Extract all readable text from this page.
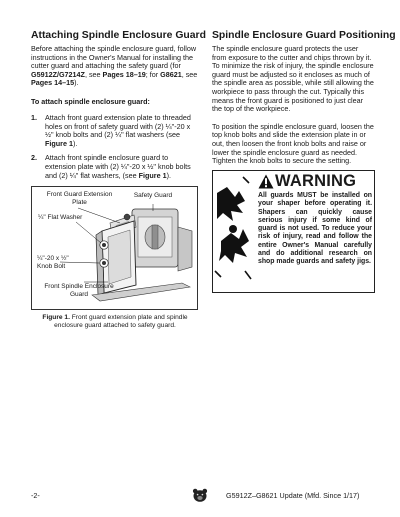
Attaching Spindle Enclosure Guard

Before attaching the spindle enclosure guard, follow instructions in the Owner's Manual for installing the cutter guard and attaching the safety guard (for G5912Z/G7214Z, see Pages 18–19; for G8621, see Pages 14–15).

To attach spindle enclosure guard:
1. Attach front guard extension plate to threaded holes on front of safety guard with (2) ¼"-20 x ½" knob bolts and (2) ¼" flat washers (see Figure 1).
2. Attach front spindle enclosure guard to extension plate with (2) ¼"-20 x ½" knob bolts and (2) ¼" flat washers, (see Figure 1).
Front Guard Extension
Plate
Safety Guard
¼" Flat Washer
¼"-20 x ½"
Knob Bolt
Front Spindle Enclosure
Guard
Figure 1. Front guard extension plate and spindle enclosure guard attached to safety guard.
Spindle Enclosure Guard Positioning

The spindle enclosure guard protects the user from exposure to the cutter and chips thrown by it. To minimize the risk of injury, the spindle enclosure guard must be adjusted so it encloses as much of the spindle area as possible, while still allowing the workpiece to pass through the cut. Typically this means the front guard is positioned to just clear the top of the workpiece.

To position the spindle enclosure guard, loosen the top knob bolts and slide the extension plate in or out, then loosen the front knob bolts and raise or lower the spindle enclosure guard as needed. Tighten the knob bolts to secure the setting.

WARNING
All guards MUST be installed on your shaper before operating it. Shapers can quickly cause serious injury if some kind of guard is not used. To reduce your risk of injury, read and follow the entire Owner's Manual carefully and do additional research on shop made guards and safety jigs.
-2-	G5912Z–G8621 Update (Mfd. Since 1/17)
